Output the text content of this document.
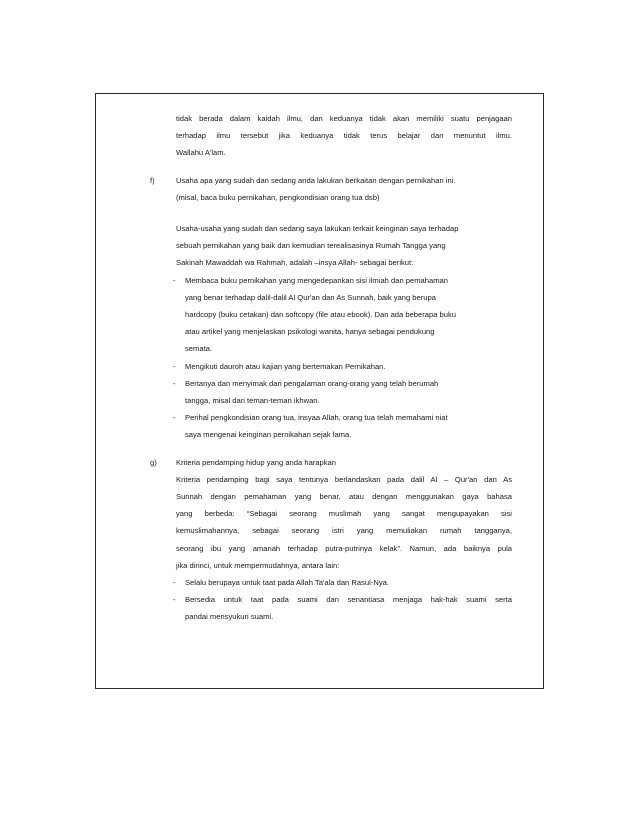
tidak berada dalam kaidah ilmu, dan keduanya tidak akan memiliki suatu penjagaan
terhadap ilmu tersebut jika keduanya tidak terus belajar dan menuntut ilmu.
Wallahu A'lam.
f)	Usaha apa yang sudah dan sedang anda lakukan berkaitan dengan pernikahan ini.
(misal, baca buku pernikahan, pengkondisian orang tua dsb)
Usaha-usaha yang sudah dan sedang saya lakukan terkait keinginan saya terhadap
sebuah pernikahan yang baik dan kemudian terealisasinya Rumah Tangga yang
Sakinah Mawaddah wa Rahmah, adalah –insya Allah- sebagai berikut:
- Membaca buku pernikahan yang mengedepankan sisi ilmiah dan pemahaman
yang benar terhadap dalil-dalil Al Qur'an dan As Sunnah, baik yang berupa
hardcopy (buku cetakan) dan softcopy (file atau ebook). Dan ada beberapa buku
atau artikel yang menjelaskan psikologi wanita, hanya sebagai pendukung
semata.
- Mengikuti dauroh atau kajian yang bertemakan Pernikahan.
- Bertanya dan menyimak dari pengalaman orang-orang yang telah berumah
tangga, misal dari teman-teman ikhwan.
- Perihal pengkondisian orang tua, insyaa Allah, orang tua telah memahami niat
saya mengenai keinginan pernikahan sejak lama.
g)	Kriteria pendamping hidup yang anda harapkan
Kriteria pendamping bagi saya tentunya berlandaskan pada dalil Al – Qur'an dan As
Sunnah dengan pemahaman yang benar, atau dengan menggunakan gaya bahasa
yang berbeda: “Sebagai seorang muslimah yang sangat mengupayakan sisi
kemuslimahannya, sebagai seorang istri yang memuliakan rumah tangganya,
seorang ibu yang amanah terhadap putra-putrinya kelak”. Namun, ada baiknya pula
jika dirinci, untuk mempermudahnya, antara lain:
- Selalu berupaya untuk taat pada Allah Ta'ala dan Rasul-Nya.
- Bersedia untuk taat pada suami dan senantiasa menjaga hak-hak suami serta
pandai mensyukuri suami.
